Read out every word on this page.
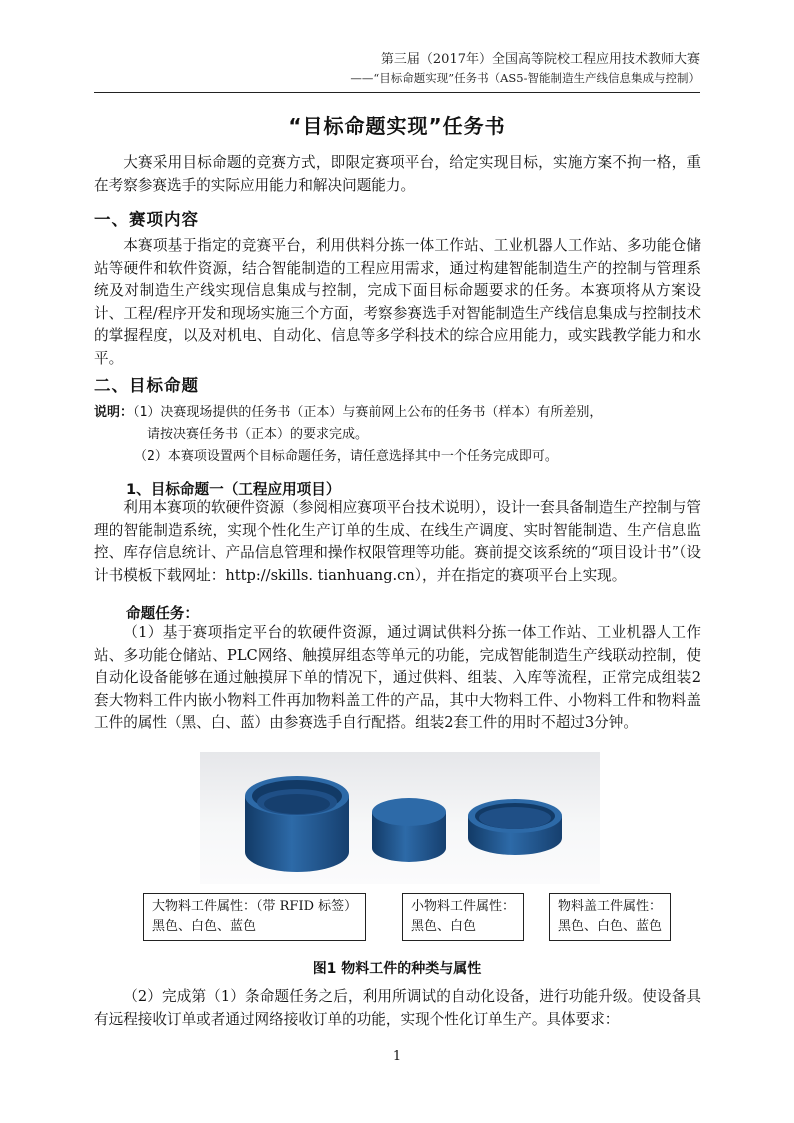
第三届（2017年）全国高等院校工程应用技术教师大赛
——“目标命题实现”任务书（AS5-智能制造生产线信息集成与控制）
“目标命题实现”任务书

大赛采用目标命题的竞赛方式，即限定赛项平台，给定实现目标，实施方案不拘一格，重在考察参赛选手的实际应用能力和解决问题能力。

一、赛项内容

本赛项基于指定的竞赛平台，利用供料分拣一体工作站、工业机器人工作站、多功能仓储站等硬件和软件资源，结合智能制造的工程应用需求，通过构建智能制造生产的控制与管理系统及对制造生产线实现信息集成与控制，完成下面目标命题要求的任务。本赛项将从方案设计、工程/程序开发和现场实施三个方面，考察参赛选手对智能制造生产线信息集成与控制技术的掌握程度，以及对机电、自动化、信息等多学科技术的综合应用能力，或实践教学能力和水平。

二、目标命题
说明：（1）决赛现场提供的任务书（正本）与赛前网上公布的任务书（样本）有所差别，
请按决赛任务书（正本）的要求完成。
（2）本赛项设置两个目标命题任务，请任意选择其中一个任务完成即可。
1、目标命题一（工程应用项目）

利用本赛项的软硬件资源（参阅相应赛项平台技术说明），设计一套具备制造生产控制与管理的智能制造系统，实现个性化生产订单的生成、在线生产调度、实时智能制造、生产信息监控、库存信息统计、产品信息管理和操作权限管理等功能。赛前提交该系统的“项目设计书”（设计书模板下载网址：http://skills. tianhuang.cn），并在指定的赛项平台上实现。

命题任务：

（1）基于赛项指定平台的软硬件资源，通过调试供料分拣一体工作站、工业机器人工作站、多功能仓储站、PLC网络、触摸屏组态等单元的功能，完成智能制造生产线联动控制，使自动化设备能够在通过触摸屏下单的情况下，通过供料、组装、入库等流程，正常完成组装2套大物料工件内嵌小物料工件再加物料盖工件的产品，其中大物料工件、小物料工件和物料盖工件的属性（黑、白、蓝）由参赛选手自行配搭。组装2套工件的用时不超过3分钟。

大物料工件属性：（带 RFID 标签）
黑色、白色、蓝色
小物料工件属性：
黑色、白色
物料盖工件属性：
黑色、白色、蓝色
图1 物料工件的种类与属性

（2）完成第（1）条命题任务之后，利用所调试的自动化设备，进行功能升级。使设备具有远程接收订单或者通过网络接收订单的功能，实现个性化订单生产。具体要求：

1
